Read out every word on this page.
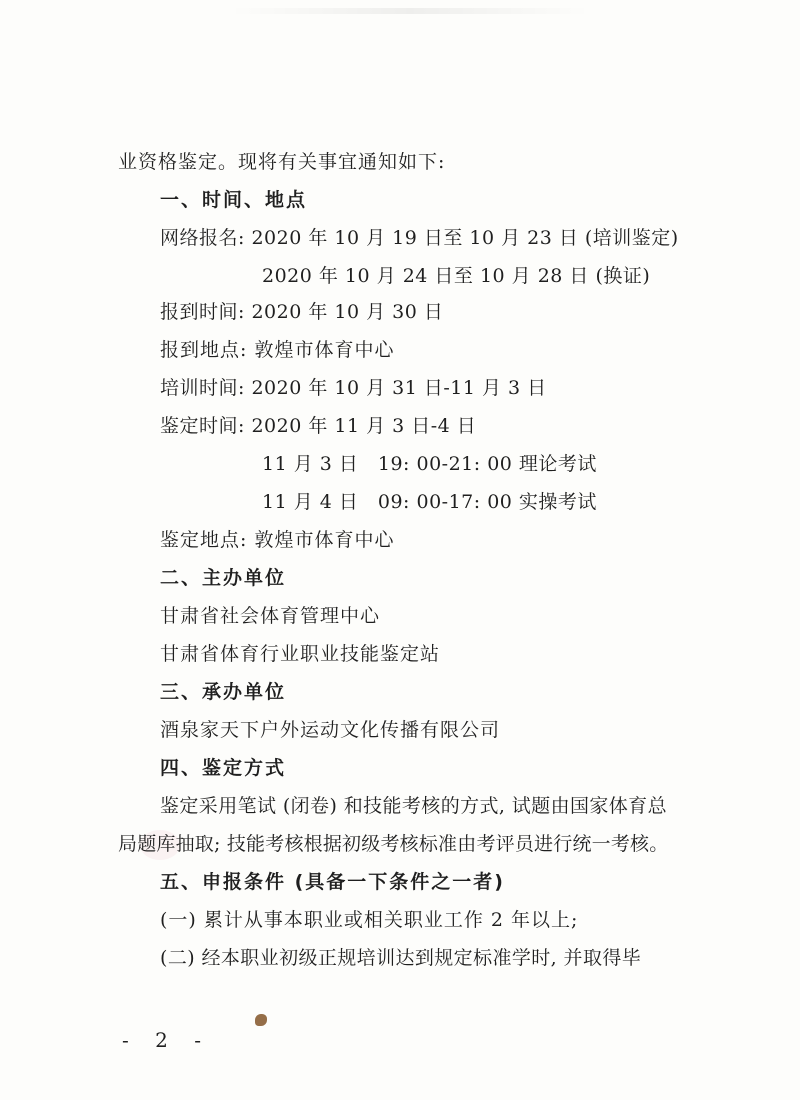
业资格鉴定。现将有关事宜通知如下:
一、时间、地点
网络报名: 2020 年 10 月 19 日至 10 月 23 日 (培训鉴定)
2020 年 10 月 24 日至 10 月 28 日 (换证)
报到时间: 2020 年 10 月 30 日
报到地点: 敦煌市体育中心
培训时间: 2020 年 10 月 31 日-11 月 3 日
鉴定时间: 2020 年 11 月 3 日-4 日
11 月 3 日　19: 00-21: 00 理论考试
11 月 4 日　09: 00-17: 00 实操考试
鉴定地点: 敦煌市体育中心
二、主办单位
甘肃省社会体育管理中心
甘肃省体育行业职业技能鉴定站
三、承办单位
酒泉家天下户外运动文化传播有限公司
四、鉴定方式
鉴定采用笔试 (闭卷) 和技能考核的方式, 试题由国家体育总
局题库抽取; 技能考核根据初级考核标准由考评员进行统一考核。
五、申报条件 (具备一下条件之一者)
(一) 累计从事本职业或相关职业工作 2 年以上;
(二) 经本职业初级正规培训达到规定标准学时, 并取得毕
- 2 -
